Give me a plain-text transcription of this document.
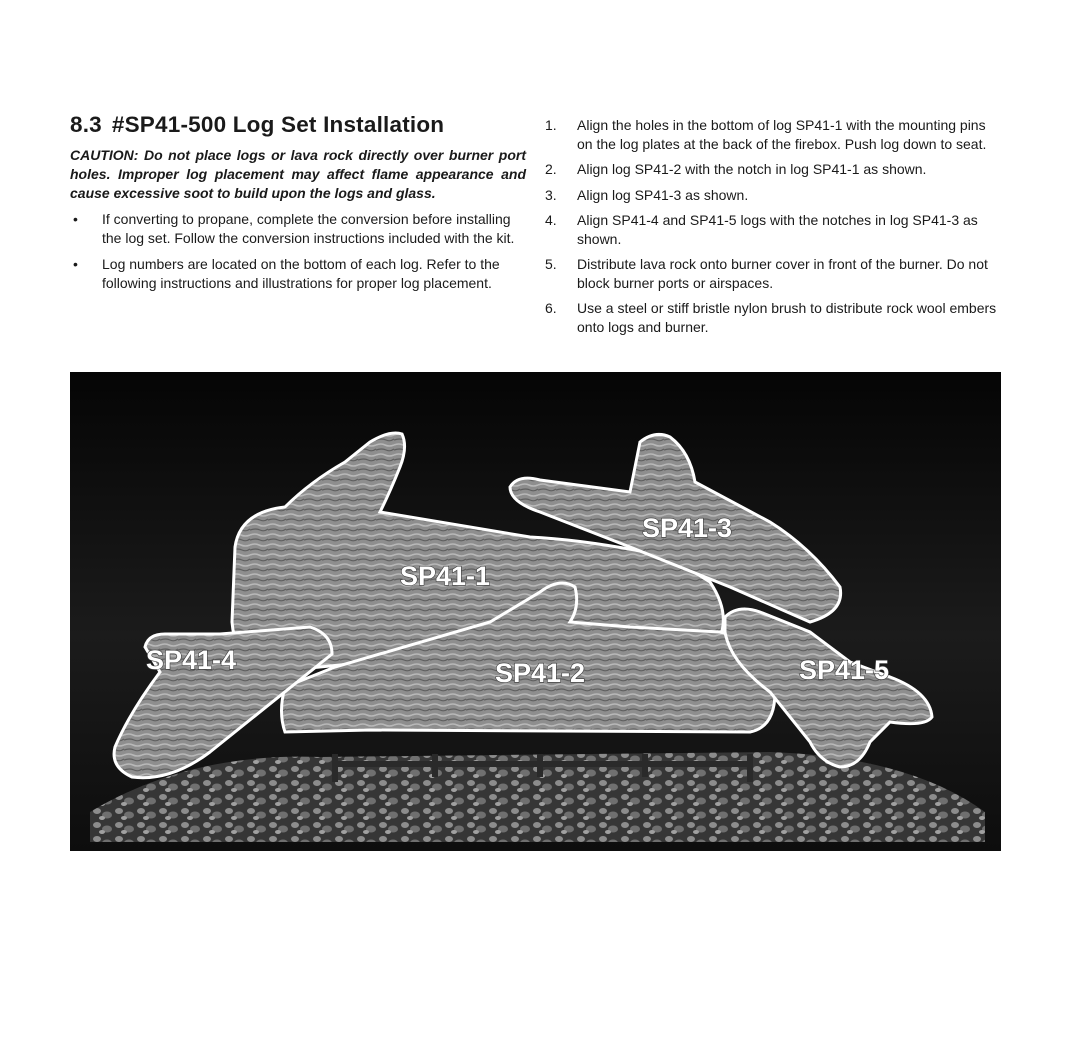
8.3 #SP41-500 Log Set Installation

CAUTION: Do not place logs or lava rock directly over burner port holes. Improper log placement may affect flame appearance and cause excessive soot to build upon the logs and glass.

• If converting to propane, complete the conversion before installing the log set. Follow the conversion instructions included with the kit.
• Log numbers are located on the bottom of each log. Refer to the following instructions and illustrations for proper log placement.
1. Align the holes in the bottom of log SP41-1 with the mounting pins on the log plates at the back of the firebox. Push log down to seat.
2. Align log SP41-2 with the notch in log SP41-1 as shown.
3. Align log SP41-3 as shown.
4. Align SP41-4 and SP41-5 logs with the notches in log SP41-3 as shown.
5. Distribute lava rock onto burner cover in front of the burner. Do not block burner ports or airspaces.
6. Use a steel or stiff bristle nylon brush to distribute rock wool embers onto logs and burner.
SP41-1
SP41-2
SP41-3
SP41-4	SP41-5
